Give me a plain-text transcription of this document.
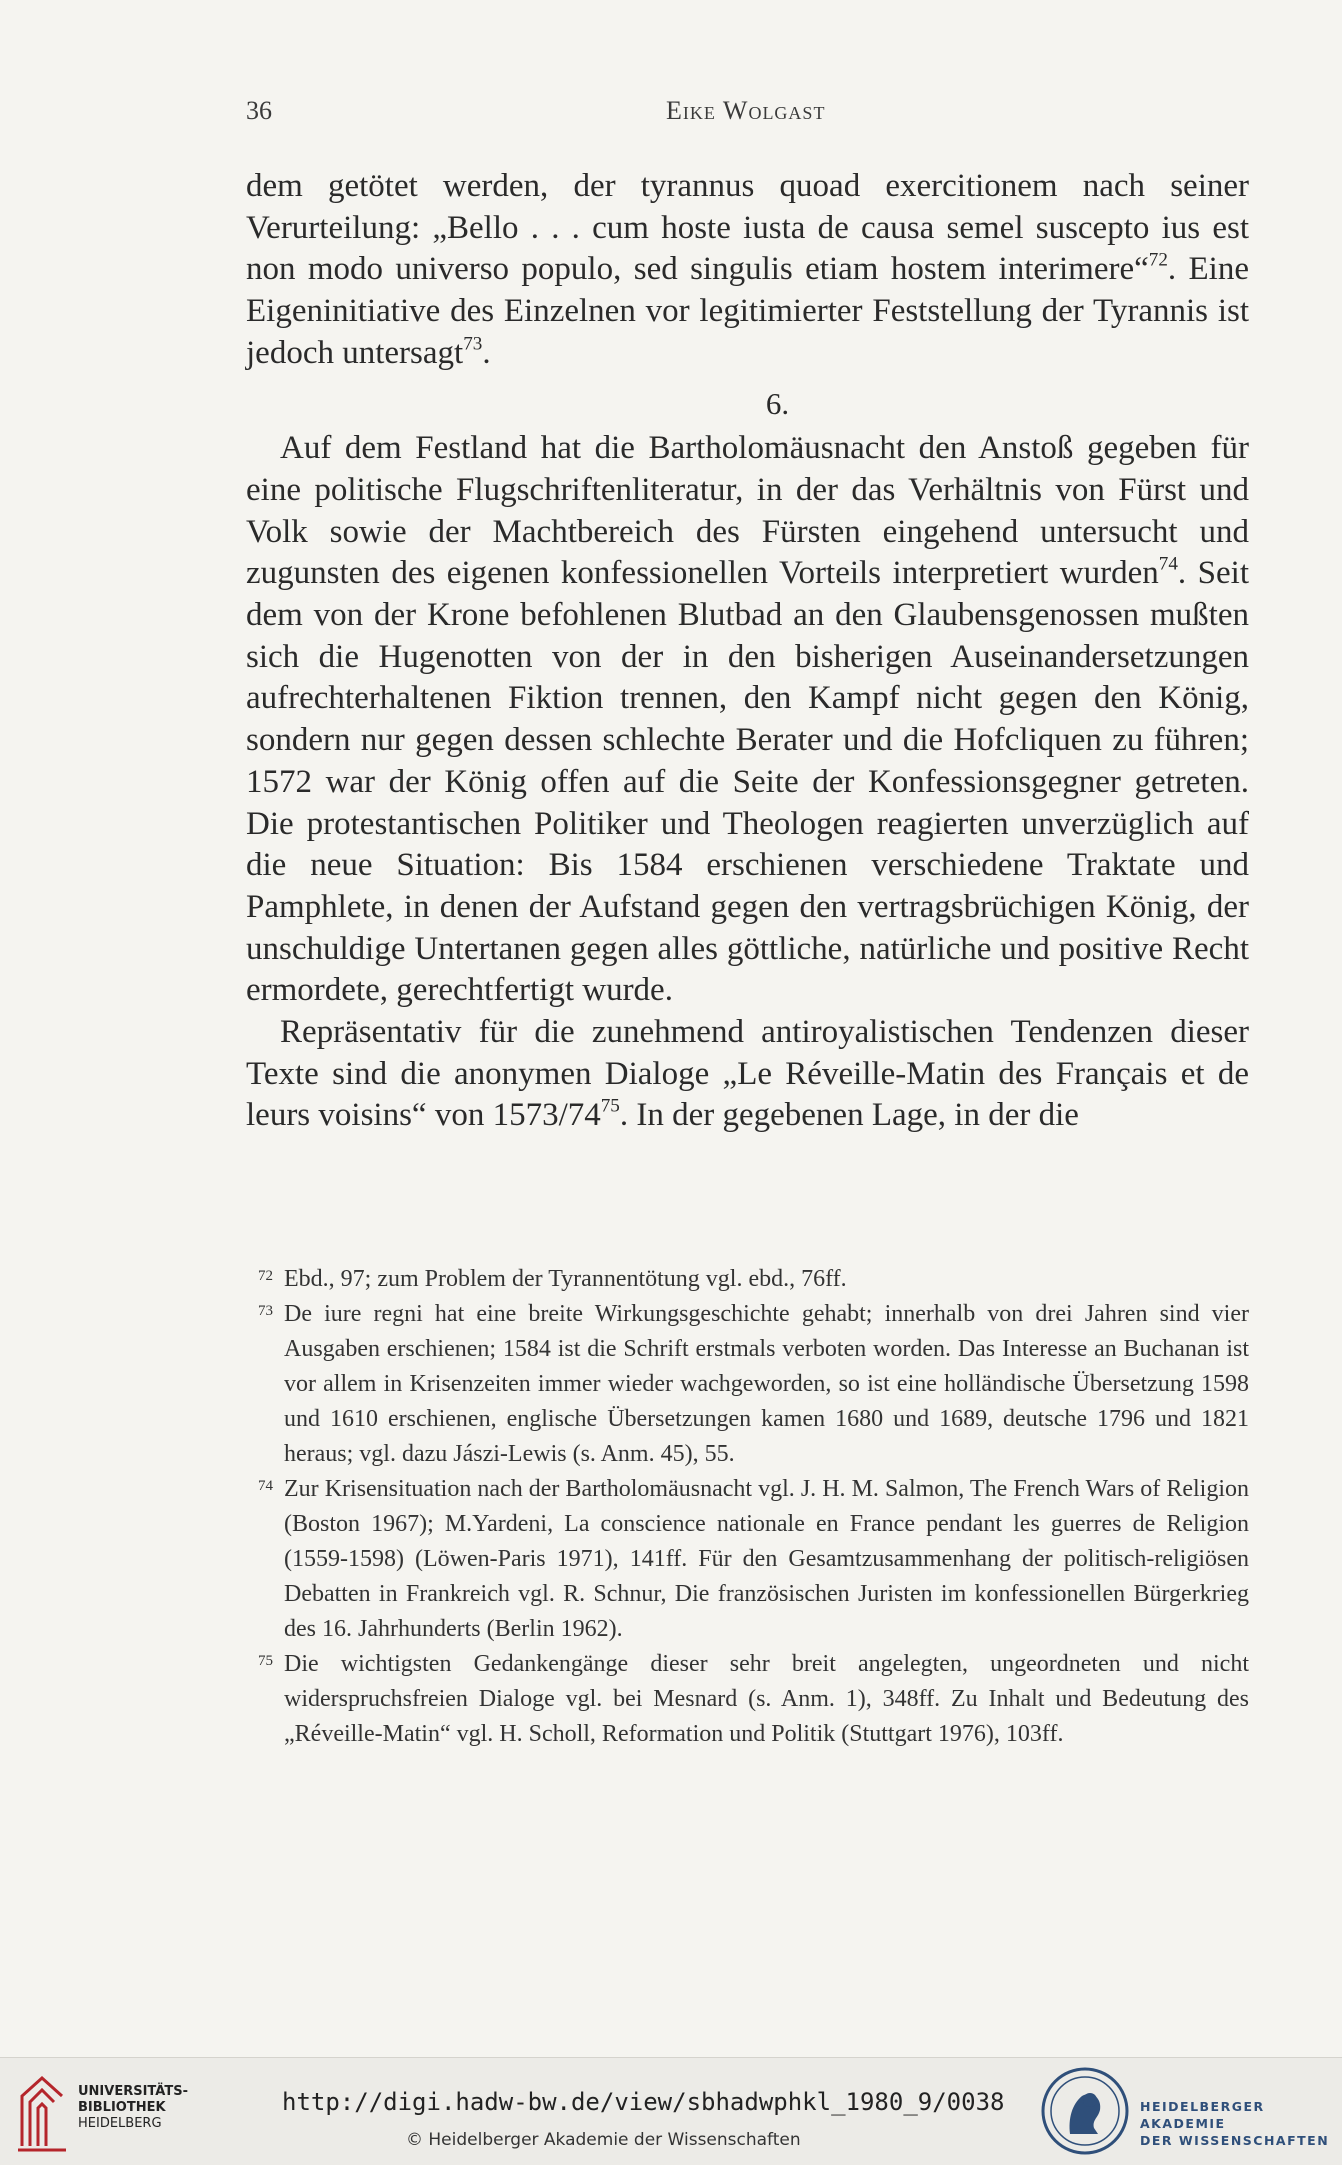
36	Eike Wolgast

dem getötet werden, der tyrannus quoad exercitionem nach seiner Verurteilung: „Bello . . . cum hoste iusta de causa semel suscepto ius est non modo universo populo, sed singulis etiam hostem interimere“$^{72}$. Eine Eigeninitiative des Einzelnen vor legitimierter Feststellung der Tyrannis ist jedoch untersagt$^{73}$.

6.

Auf dem Festland hat die Bartholomäusnacht den Anstoß gegeben für eine politische Flugschriftenliteratur, in der das Verhältnis von Fürst und Volk sowie der Machtbereich des Fürsten eingehend untersucht und zugunsten des eigenen konfessionellen Vorteils interpretiert wurden$^{74}$. Seit dem von der Krone befohlenen Blutbad an den Glaubensgenossen mußten sich die Hugenotten von der in den bisherigen Auseinandersetzungen aufrechterhaltenen Fiktion trennen, den Kampf nicht gegen den König, sondern nur gegen dessen schlechte Berater und die Hofcliquen zu führen; 1572 war der König offen auf die Seite der Konfessionsgegner getreten. Die protestantischen Politiker und Theologen reagierten unverzüglich auf die neue Situation: Bis 1584 erschienen verschiedene Traktate und Pamphlete, in denen der Aufstand gegen den vertragsbrüchigen König, der unschuldige Untertanen gegen alles göttliche, natürliche und positive Recht ermordete, gerechtfertigt wurde.

Repräsentativ für die zunehmend antiroyalistischen Tendenzen dieser Texte sind die anonymen Dialoge „Le Réveille-Matin des Français et de leurs voisins“ von $1573/74^{75}$. In der gegebenen Lage, in der die

72 Ebd., 97; zum Problem der Tyrannentötung vgl. ebd., 76ff.

73 De iure regni hat eine breite Wirkungsgeschichte gehabt; innerhalb von drei Jahren sind vier Ausgaben erschienen; 1584 ist die Schrift erstmals verboten worden. Das Interesse an Buchanan ist vor allem in Krisenzeiten immer wieder wachgeworden, so ist eine holländische Übersetzung 1598 und 1610 erschienen, englische Übersetzungen kamen 1680 und 1689, deutsche 1796 und 1821 heraus; vgl. dazu Jászi-Lewis (s. Anm. 45), 55.

74 Zur Krisensituation nach der Bartholomäusnacht vgl. J. H. M. Salmon, The French Wars of Religion (Boston 1967); M.Yardeni, La conscience nationale en France pendant les guerres de Religion (1559-1598) (Löwen-Paris 1971), 141ff. Für den Gesamtzusammenhang der politisch-religiösen Debatten in Frankreich vgl. R. Schnur, Die französischen Juristen im konfessionellen Bürgerkrieg des 16. Jahrhunderts (Berlin 1962).

75 Die wichtigsten Gedankengänge dieser sehr breit angelegten, ungeordneten und nicht widerspruchsfreien Dialoge vgl. bei Mesnard (s. Anm. 1), 348ff. Zu Inhalt und Bedeutung des „Réveille-Matin“ vgl. H. Scholl, Reformation und Politik (Stuttgart 1976), 103ff.

UNIVERSITÄTS-
BIBLIOTHEK
HEIDELBERG
http://digi.hadw-bw.de/view/sbhadwphkl_1980_9/0038
© Heidelberger Akademie der Wissenschaften
HEIDELBERGER AKADEMIE
DER WISSENSCHAFTEN
